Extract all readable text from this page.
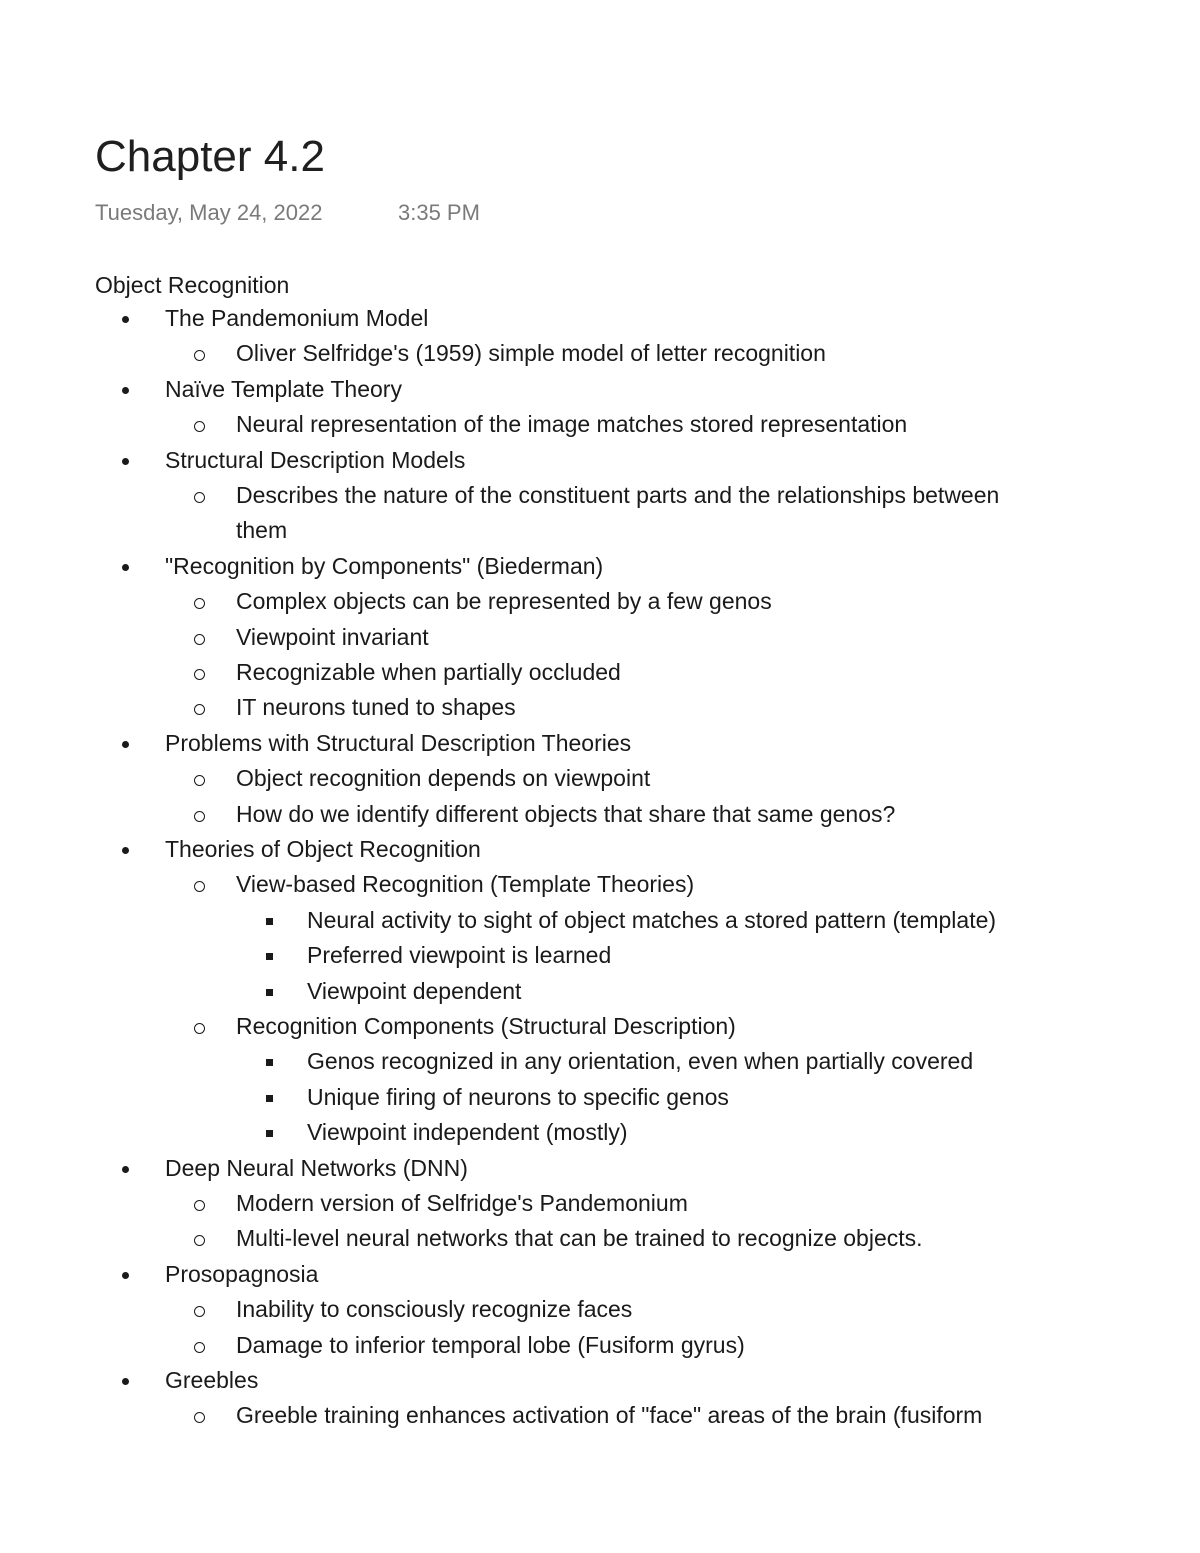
Chapter 4.2
Tuesday, May 24, 2022	3:35 PM
Object Recognition
The Pandemonium Model
Oliver Selfridge's (1959) simple model of letter recognition
Naïve Template Theory
Neural representation of the image matches stored representation
Structural Description Models
Describes the nature of the constituent parts and the relationships between
them
"Recognition by Components" (Biederman)
Complex objects can be represented by a few genos
Viewpoint invariant
Recognizable when partially occluded
IT neurons tuned to shapes
Problems with Structural Description Theories
Object recognition depends on viewpoint
How do we identify different objects that share that same genos?
Theories of Object Recognition
View-based Recognition (Template Theories)
Neural activity to sight of object matches a stored pattern (template)
Preferred viewpoint is learned
Viewpoint dependent
Recognition Components (Structural Description)
Genos recognized in any orientation, even when partially covered
Unique firing of neurons to specific genos
Viewpoint independent (mostly)
Deep Neural Networks (DNN)
Modern version of Selfridge's Pandemonium
Multi-level neural networks that can be trained to recognize objects.
Prosopagnosia
Inability to consciously recognize faces
Damage to inferior temporal lobe (Fusiform gyrus)
Greebles
Greeble training enhances activation of "face" areas of the brain (fusiform
